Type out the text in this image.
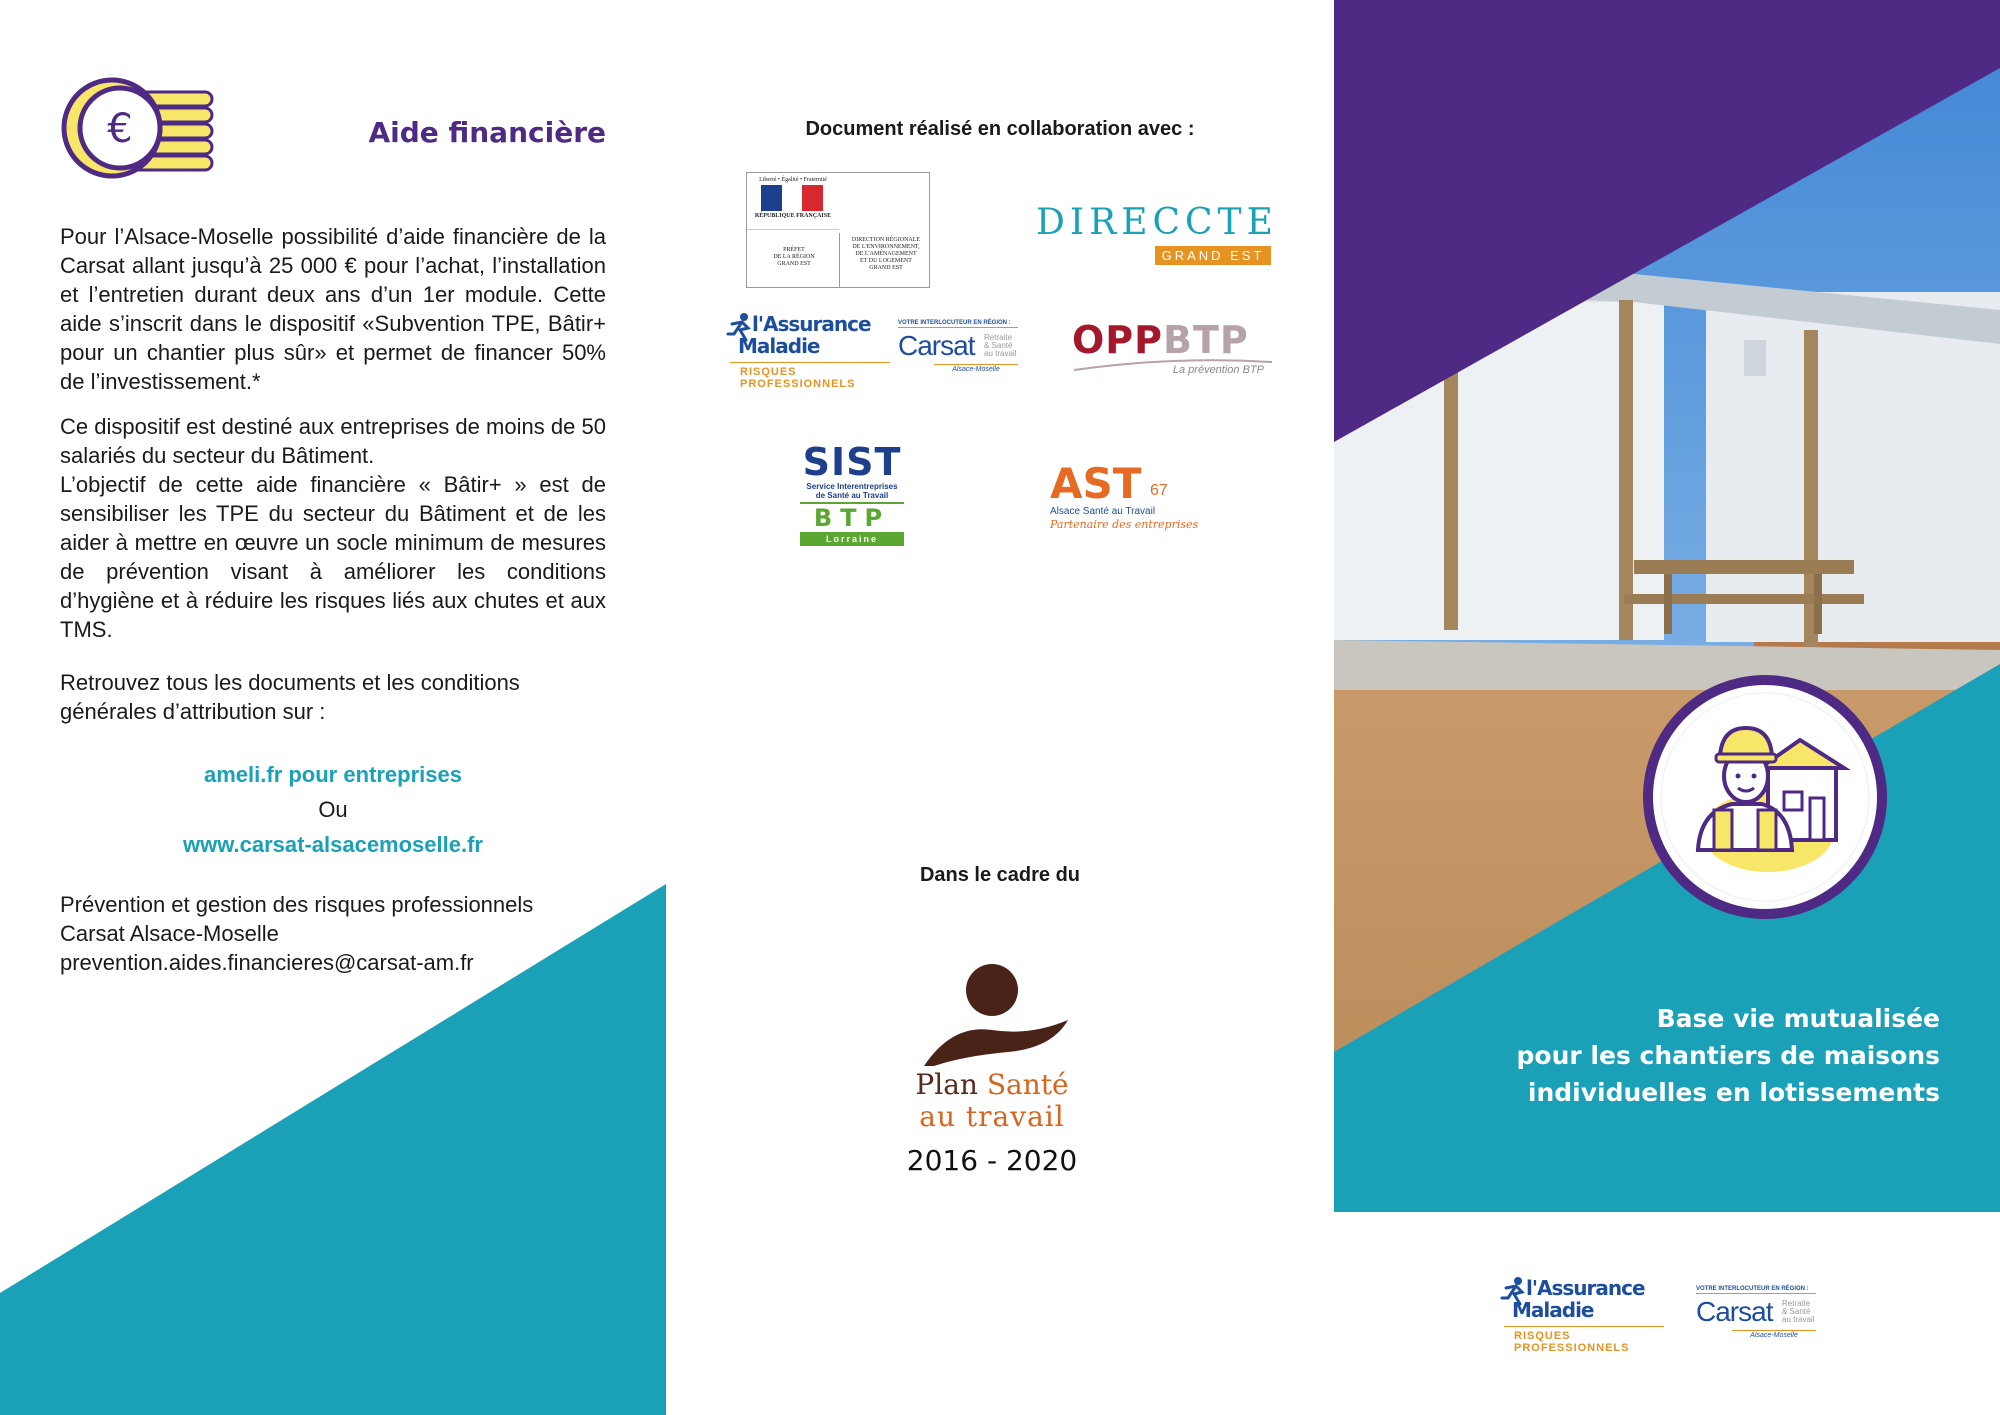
€	Aide financière

Pour l’Alsace-Moselle possibilité d’aide financière de la Carsat allant jusqu’à 25 000 € pour l’achat, l’installation et l’entretien durant deux ans d’un 1er module. Cette aide s’inscrit dans le dispositif «Subvention TPE, Bâtir+ pour un chantier plus sûr» et permet de financer 50% de l’investissement.*

Ce dispositif est destiné aux entreprises de moins de 50 salariés du secteur du Bâtiment.

L’objectif de cette aide financière « Bâtir+ » est de sensibiliser les TPE du secteur du Bâtiment et de les aider à mettre en œuvre un socle minimum de mesures de prévention visant à améliorer les conditions d’hygiène et à réduire les risques liés aux chutes et aux TMS.

Retrouvez tous les documents et les conditions générales d’attribution sur :

ameli.fr pour entreprises
Ou
www.carsat-alsacemoselle.fr
Prévention et gestion des risques professionnels
Carsat Alsace-Moselle
prevention.aides.financieres@carsat-am.fr
Document réalisé en collaboration avec :
Liberté • Égalité • Fraternité
RÉPUBLIQUE FRANÇAISE
PRÉFET
DE LA RÉGION
GRAND EST
DIRECTION RÉGIONALE
DE L'ENVIRONNEMENT,
DE L'AMÉNAGEMENT
ET DU LOGEMENT
GRAND EST
DIRECCTE
GRAND EST
l'Assurance
Maladie
RISQUES PROFESSIONNELS
VOTRE INTERLOCUTEUR EN RÉGION :
Carsat Retraite
& Santé
au travail
Alsace-Moselle
OPPBTP
La prévention BTP
SIST
Service Interentreprises
de Santé au Travail
BTP
Lorraine
AST 67
Alsace Santé au Travail
Partenaire des entreprises
Dans le cadre du
Plan Santé
au travail
2016 - 2020
Base vie mutualisée
pour les chantiers de maisons
individuelles en lotissements
l'Assurance
Maladie
RISQUES PROFESSIONNELS
VOTRE INTERLOCUTEUR EN RÉGION :
Carsat Retraite
& Santé
au travail
Alsace-Moselle
